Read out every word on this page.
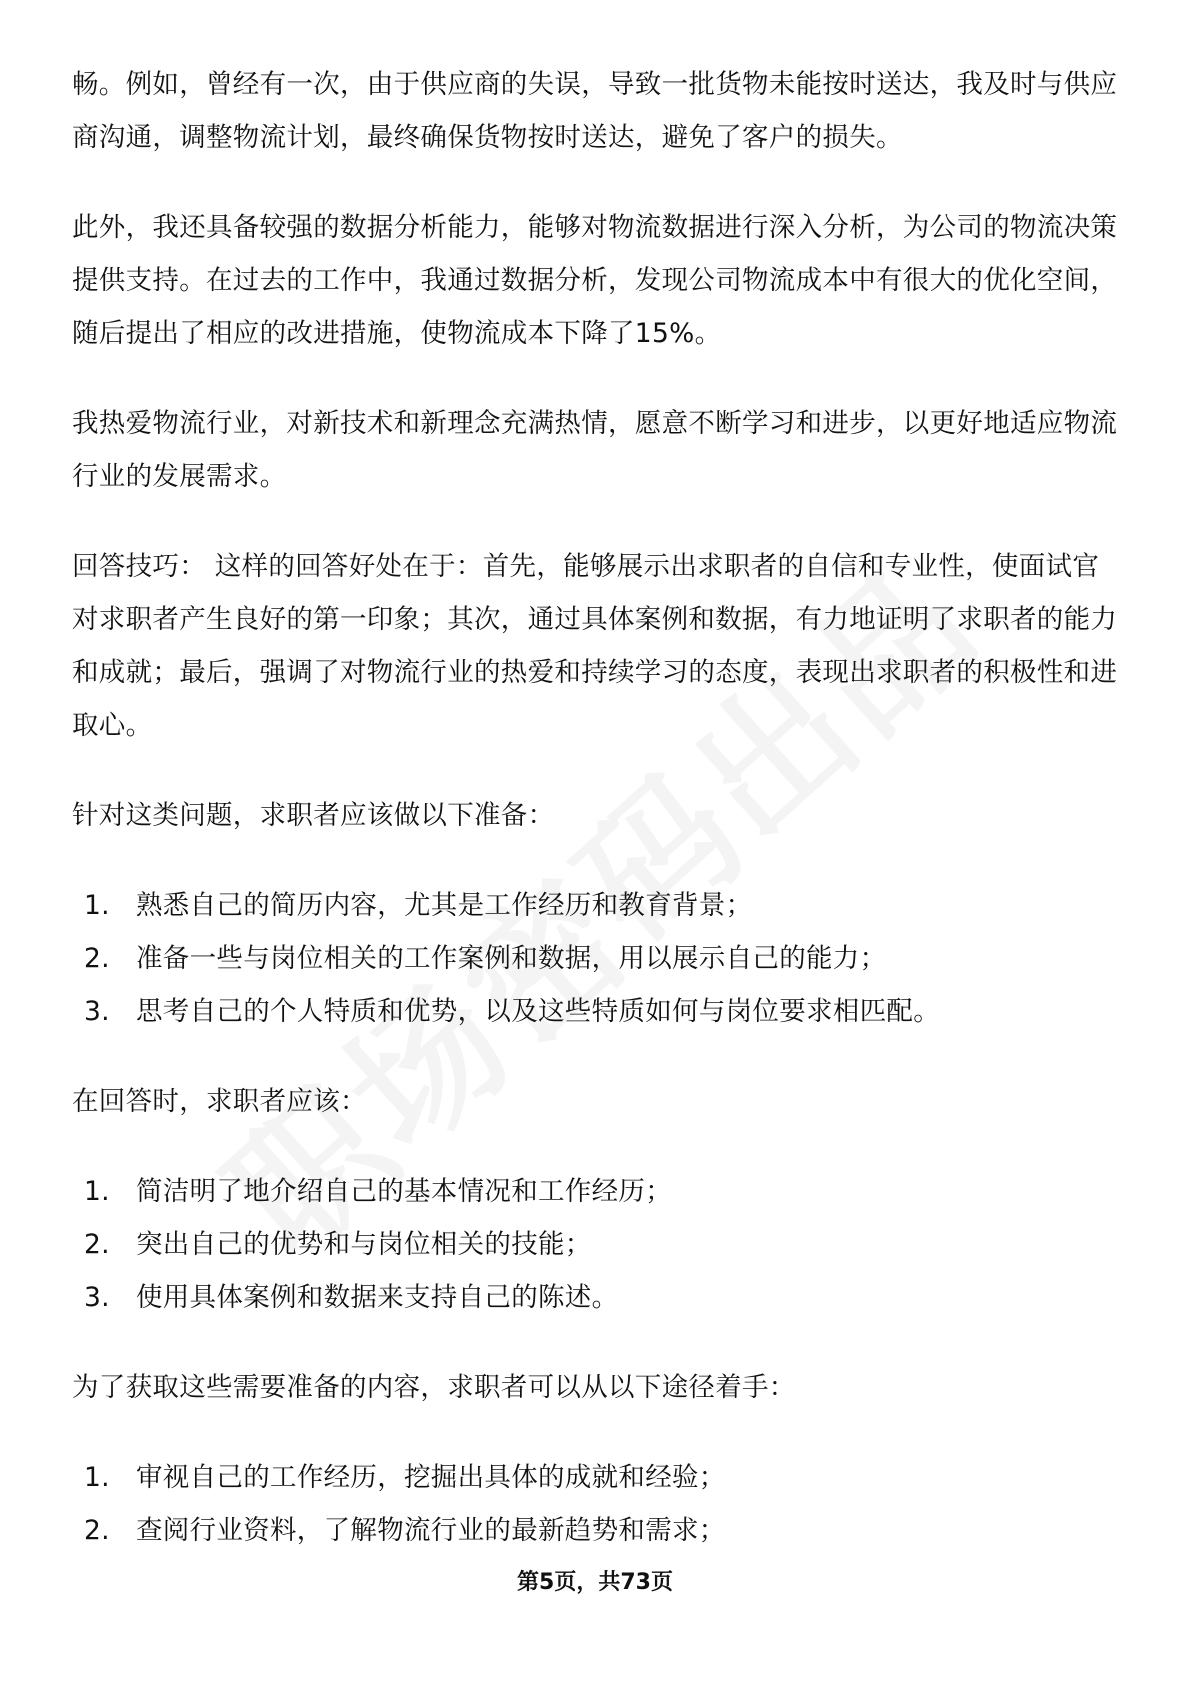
畅。例如，曾经有一次，由于供应商的失误，导致一批货物未能按时送达，我及时与供应商沟通，调整物流计划，最终确保货物按时送达，避免了客户的损失。

此外，我还具备较强的数据分析能力，能够对物流数据进行深入分析，为公司的物流决策提供支持。在过去的工作中，我通过数据分析，发现公司物流成本中有很大的优化空间，随后提出了相应的改进措施，使物流成本下降了15%。

我热爱物流行业，对新技术和新理念充满热情，愿意不断学习和进步，以更好地适应物流行业的发展需求。

回答技巧： 这样的回答好处在于：首先，能够展示出求职者的自信和专业性，使面试官对求职者产生良好的第一印象；其次，通过具体案例和数据，有力地证明了求职者的能力和成就；最后，强调了对物流行业的热爱和持续学习的态度，表现出求职者的积极性和进取心。

针对这类问题，求职者应该做以下准备：

1. 熟悉自己的简历内容，尤其是工作经历和教育背景；
2. 准备一些与岗位相关的工作案例和数据，用以展示自己的能力；
3. 思考自己的个人特质和优势，以及这些特质如何与岗位要求相匹配。

在回答时，求职者应该：

1. 简洁明了地介绍自己的基本情况和工作经历；
2. 突出自己的优势和与岗位相关的技能；
3. 使用具体案例和数据来支持自己的陈述。

为了获取这些需要准备的内容，求职者可以从以下途径着手：

1. 审视自己的工作经历，挖掘出具体的成就和经验；
2. 查阅行业资料，了解物流行业的最新趋势和需求；
第5页，共73页
